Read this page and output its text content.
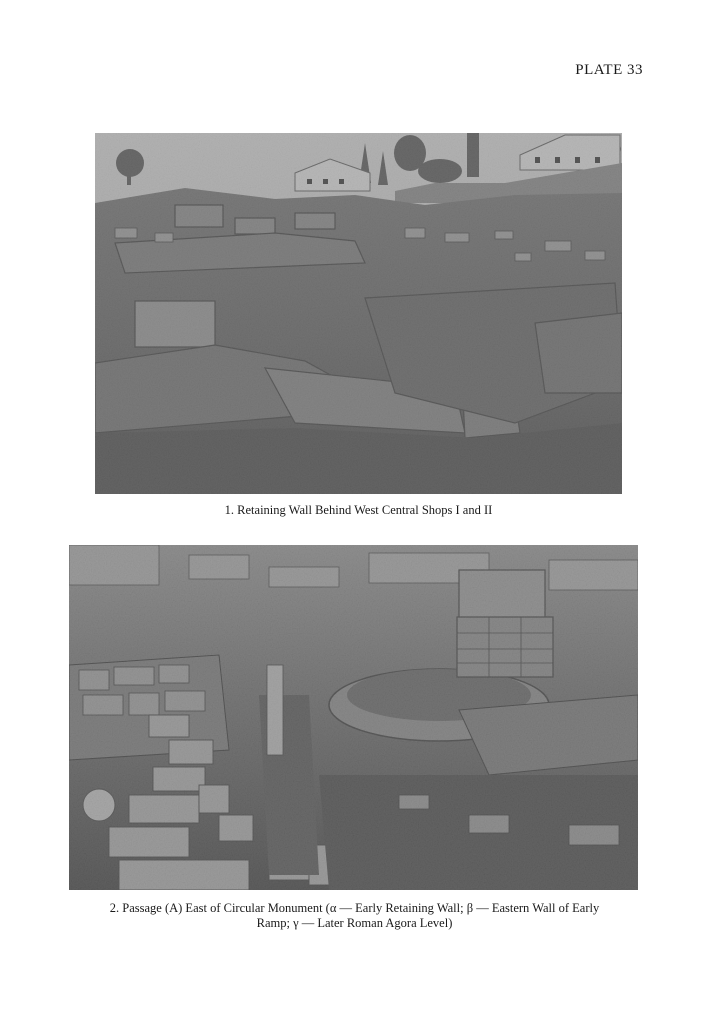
PLATE 33
1. Retaining Wall Behind West Central Shops I and II
2. Passage (A) East of Circular Monument (α — Early Retaining Wall; β — Eastern Wall of Early
Ramp; γ — Later Roman Agora Level)
